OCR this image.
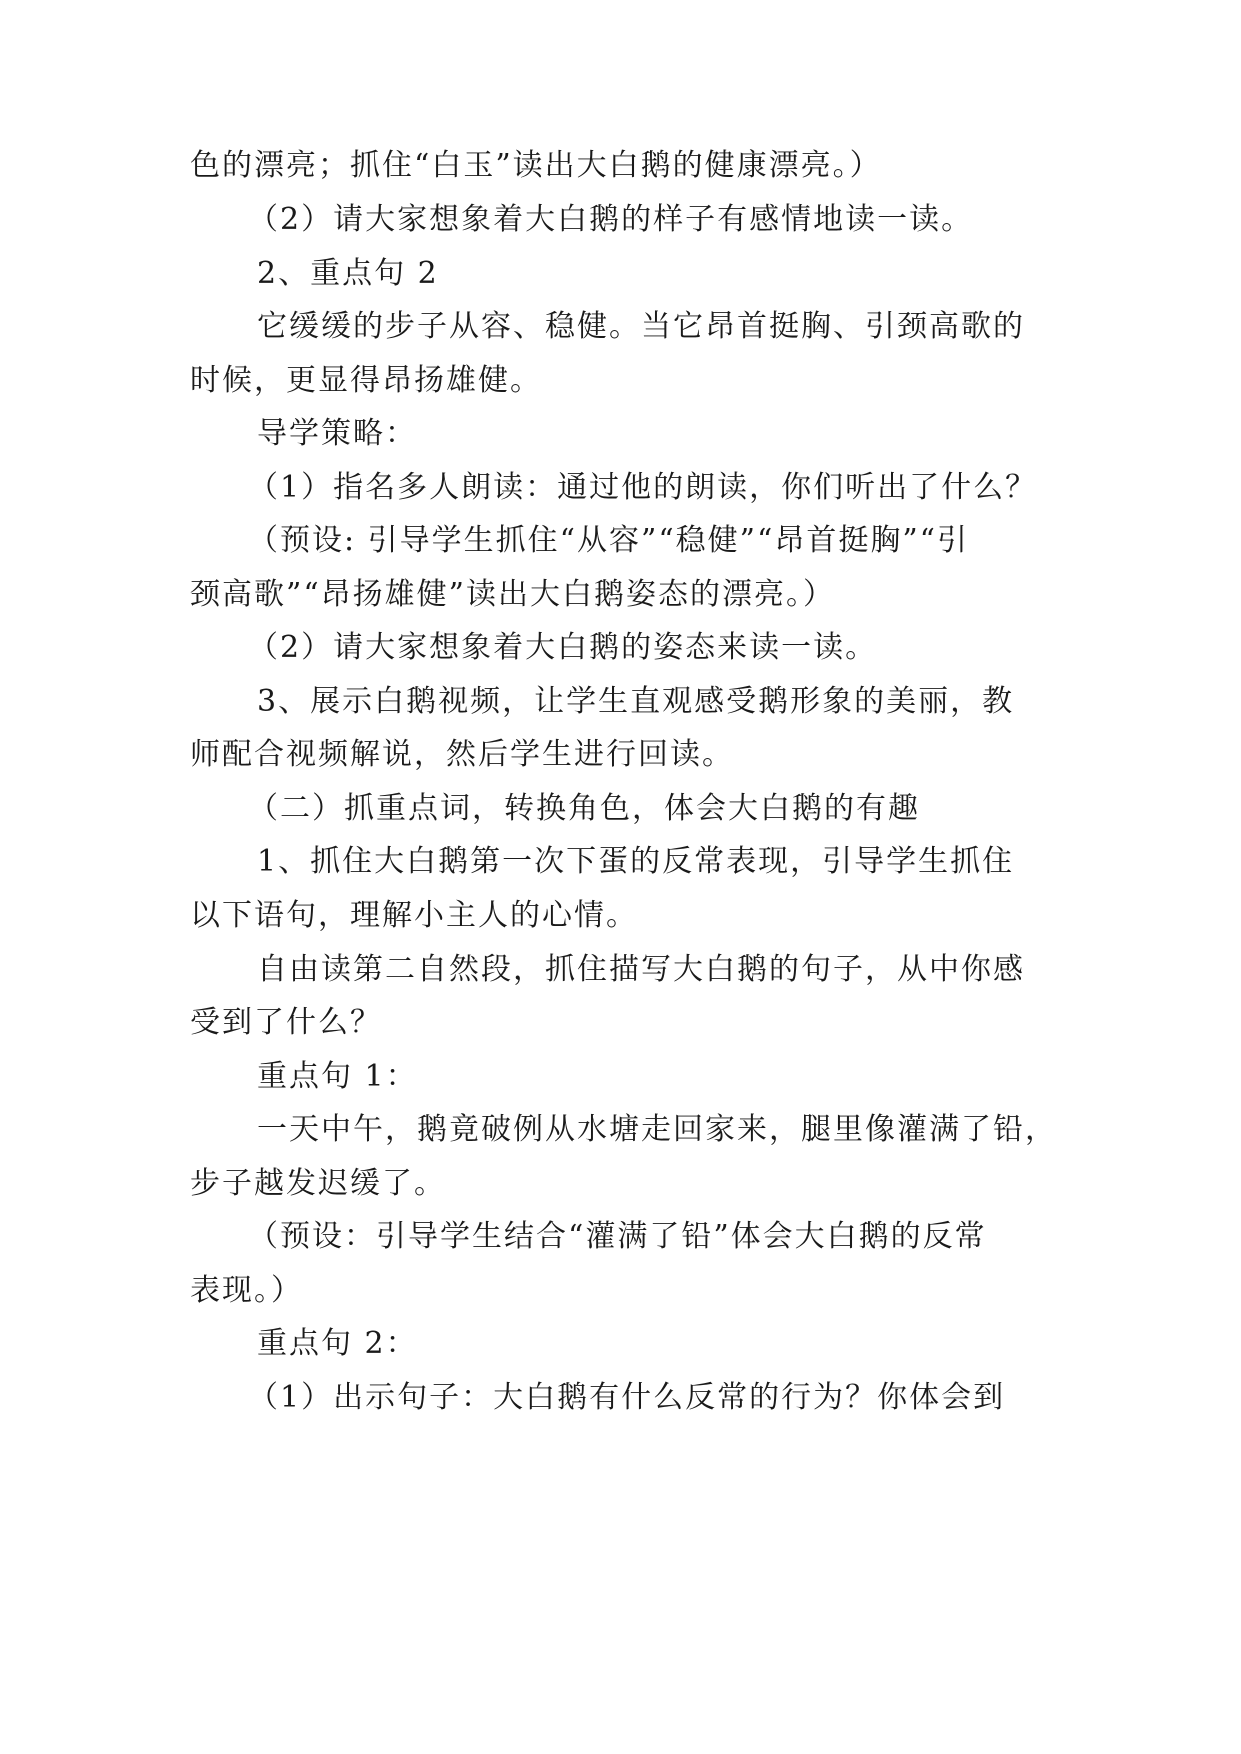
色的漂亮；抓住“白玉”读出大白鹅的健康漂亮。）

（2）请大家想象着大白鹅的样子有感情地读一读。

2、重点句 2

它缓缓的步子从容、稳健。当它昂首挺胸、引颈高歌的

时候，更显得昂扬雄健。

导学策略：

（1）指名多人朗读：通过他的朗读，你们听出了什么？

（预设: 引导学生抓住“从容”“稳健”“昂首挺胸”“引

颈高歌”“昂扬雄健”读出大白鹅姿态的漂亮。）

（2）请大家想象着大白鹅的姿态来读一读。

3、展示白鹅视频，让学生直观感受鹅形象的美丽，教

师配合视频解说，然后学生进行回读。

（二）抓重点词，转换角色，体会大白鹅的有趣

1、抓住大白鹅第一次下蛋的反常表现，引导学生抓住

以下语句，理解小主人的心情。

自由读第二自然段，抓住描写大白鹅的句子，从中你感

受到了什么？

重点句 1：

一天中午，鹅竟破例从水塘走回家来，腿里像灌满了铅，

步子越发迟缓了。

（预设：引导学生结合“灌满了铅”体会大白鹅的反常

表现。）

重点句 2：

（1）出示句子：大白鹅有什么反常的行为？你体会到
